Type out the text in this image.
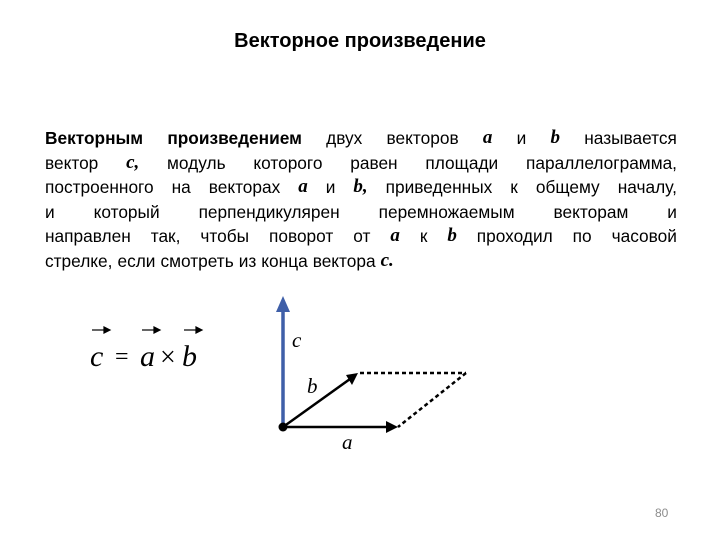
Векторное произведение
Векторным произведением двух векторов a и b называется
вектор c, модуль которого равен площади параллелограмма,
построенного на векторах a и b, приведенных к общему началу,
и который перпендикулярен перемножаемым векторам и
направлен так, чтобы поворот от a к b проходил по часовой
стрелке, если смотреть из конца вектора c.
c = a × b	c
b
a
80
